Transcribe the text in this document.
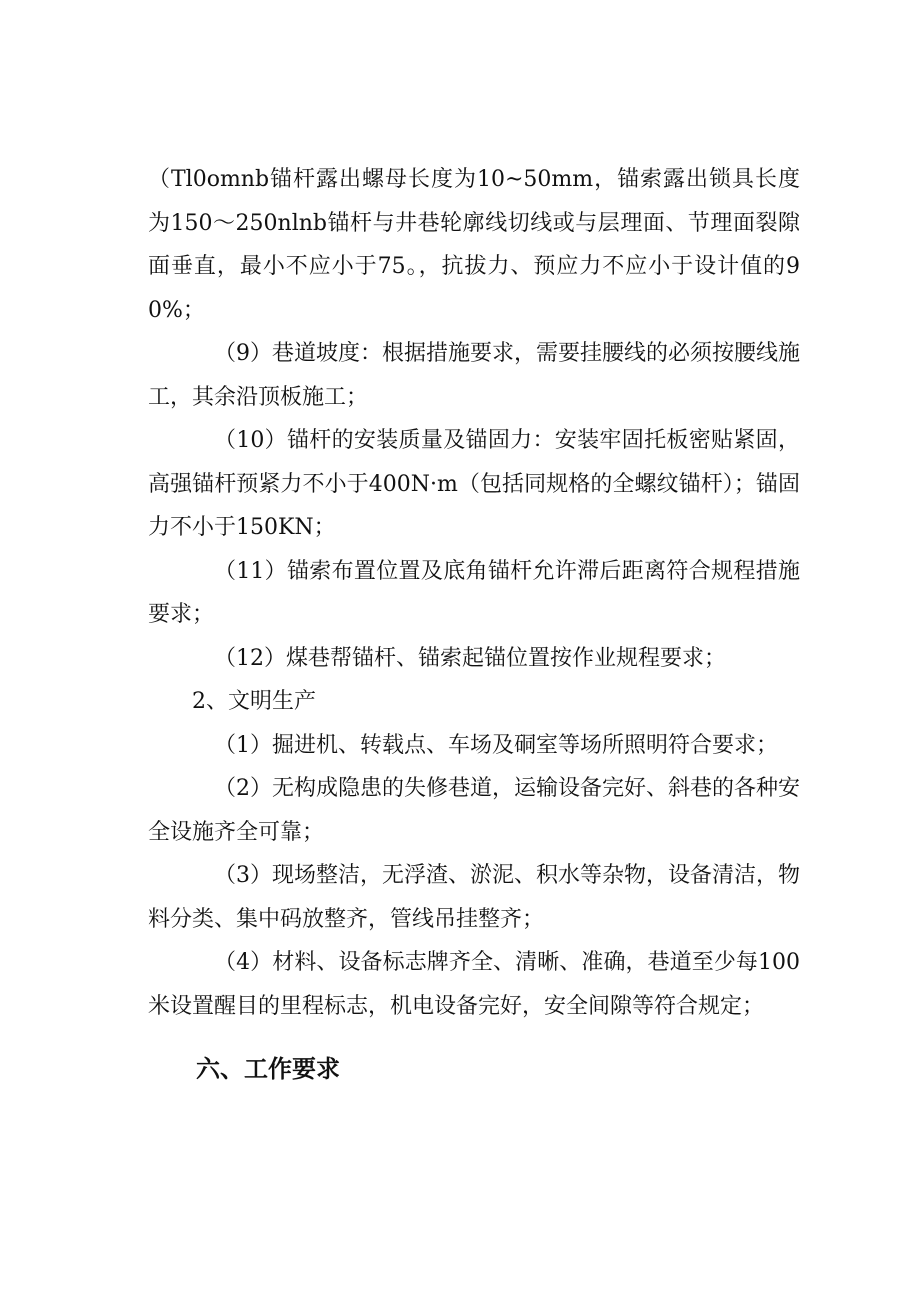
（Tl0omnb锚杆露出螺母长度为10~50mm，锚索露出锁具长度为150～250nlnb锚杆与井巷轮廓线切线或与层理面、节理面裂隙面垂直，最小不应小于75。，抗拔力、预应力不应小于设计值的90%；

（9）巷道坡度：根据措施要求，需要挂腰线的必须按腰线施工，其余沿顶板施工；

（10）锚杆的安装质量及锚固力：安装牢固托板密贴紧固，高强锚杆预紧力不小于400N·m（包括同规格的全螺纹锚杆）；锚固力不小于150KN；

（11）锚索布置位置及底角锚杆允许滞后距离符合规程措施要求；

（12）煤巷帮锚杆、锚索起锚位置按作业规程要求；

2、文明生产

（1）掘进机、转载点、车场及硐室等场所照明符合要求；

（2）无构成隐患的失修巷道，运输设备完好、斜巷的各种安全设施齐全可靠；

（3）现场整洁，无浮渣、淤泥、积水等杂物，设备清洁，物料分类、集中码放整齐，管线吊挂整齐；

（4）材料、设备标志牌齐全、清晰、准确，巷道至少每100米设置醒目的里程标志，机电设备完好，安全间隙等符合规定；

六、工作要求
